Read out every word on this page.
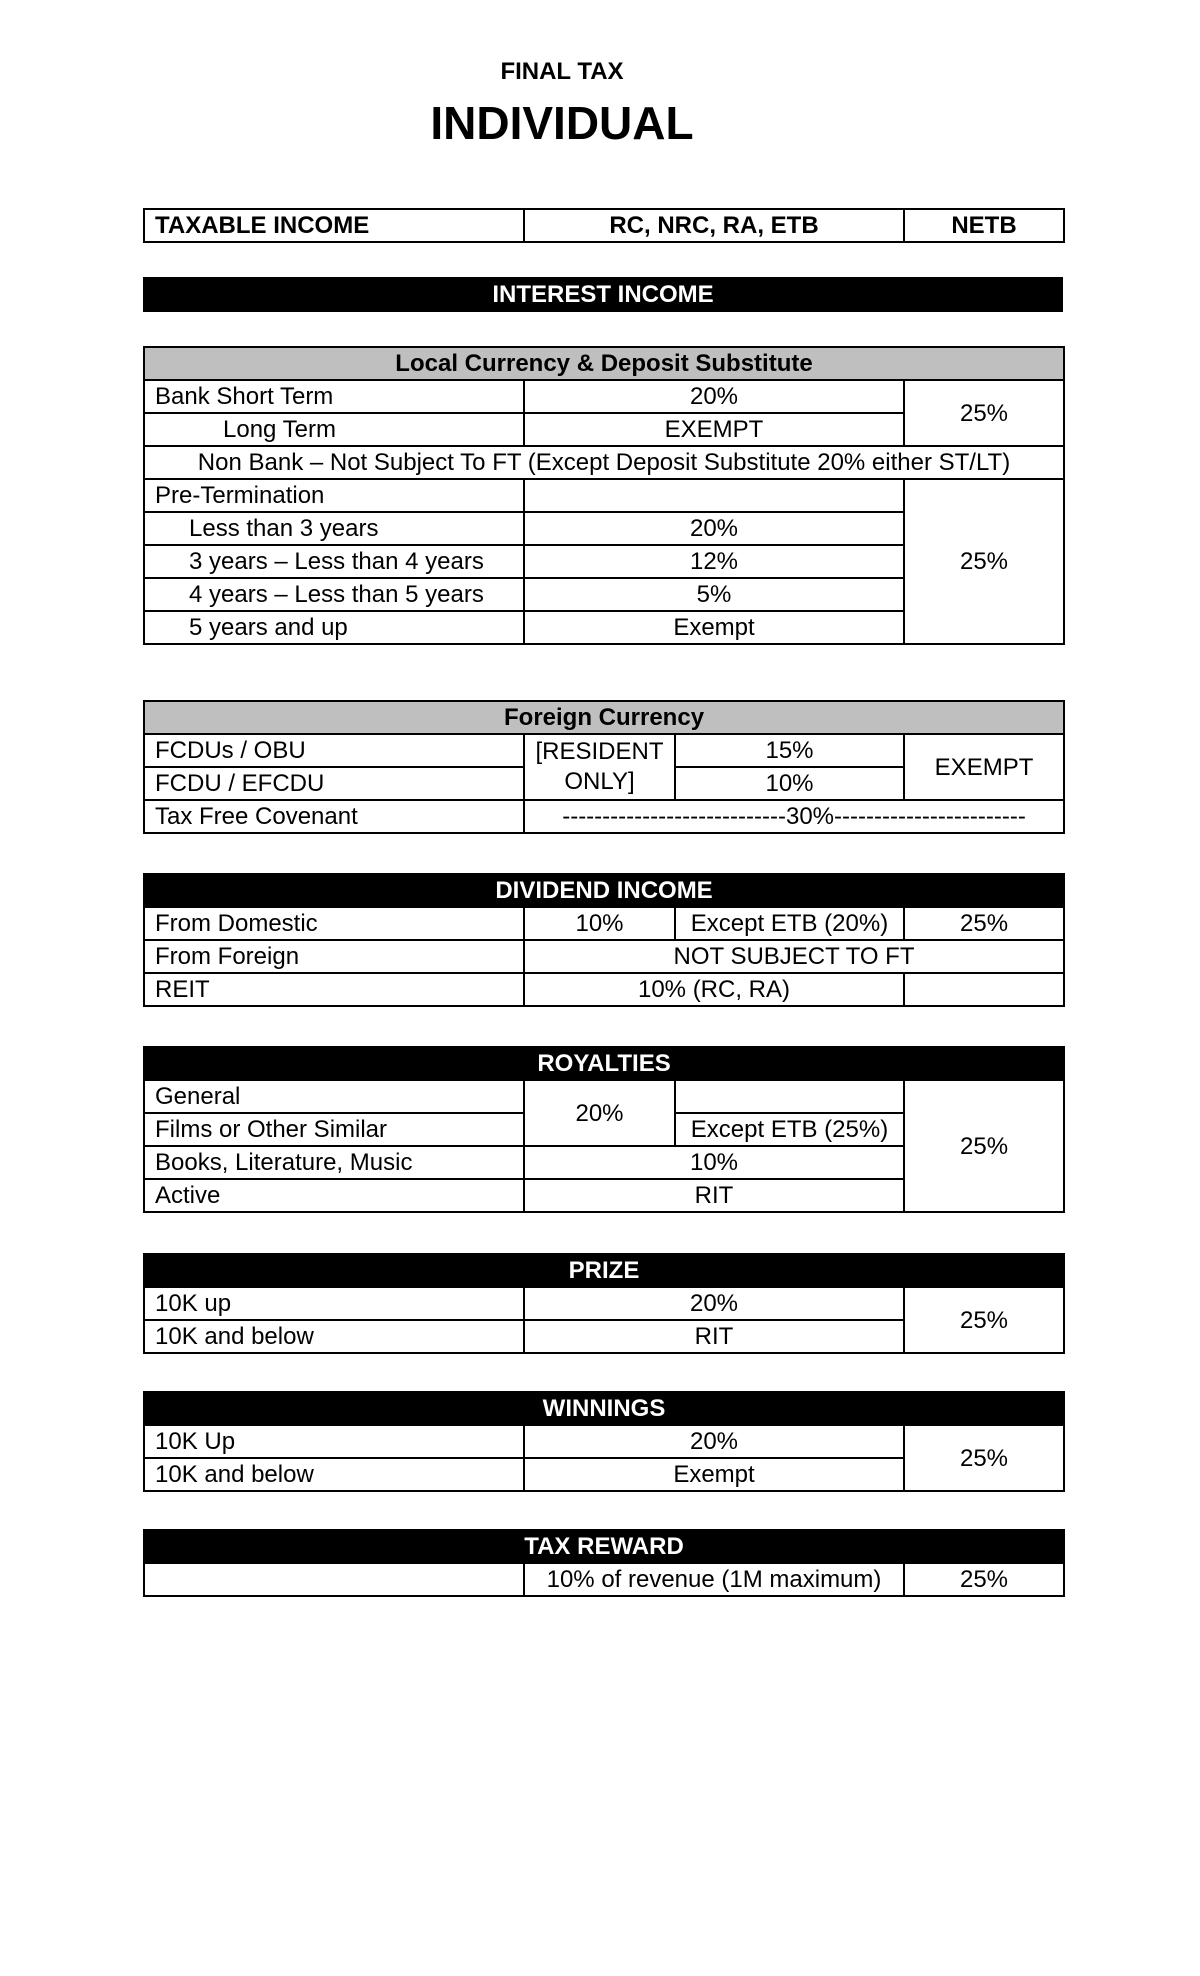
FINAL TAX
INDIVIDUAL
TAXABLE INCOME	RC, NRC, RA, ETB	NETB
INTEREST INCOME
Local Currency & Deposit Substitute		
Bank Short Term	20%	25%
Long Term	EXEMPT	
Non Bank – Not Subject To FT (Except Deposit Substitute 20% either ST/LT)		
Pre-Termination		25%
Less than 3 years	20%	
3 years – Less than 4 years	12%	
4 years – Less than 5 years	5%	
5 years and up	Exempt	
Foreign Currency			
FCDUs / OBU	[RESIDENT ONLY]	15%	EXEMPT
FCDU / EFCDU		10%	
Tax Free Covenant	----------------------------30%------------------------		
DIVIDEND INCOME			
From Domestic	10%	Except ETB (20%)	25%
From Foreign	NOT SUBJECT TO FT		
REIT	10% (RC, RA)		
ROYALTIES			
General	20%		25%
Films or Other Similar		Except ETB (25%)	
Books, Literature, Music	10%		
Active	RIT		
PRIZE		
10K up	20%	25%
10K and below	RIT	
WINNINGS		
10K Up	20%	25%
10K and below	Exempt	
TAX REWARD
	10% of revenue (1M maximum)	25%
